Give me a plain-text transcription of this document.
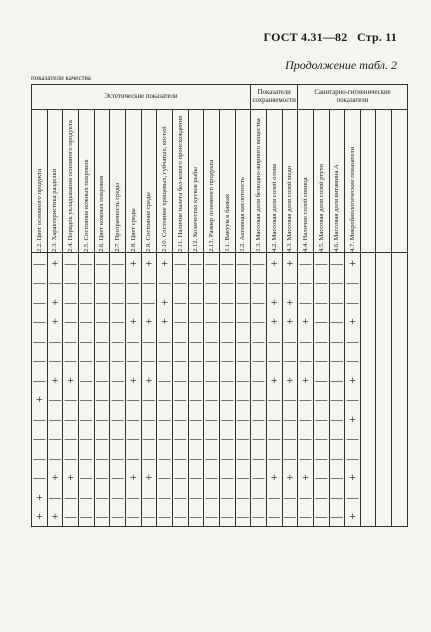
ГОСТ 4.31—82 Стр. 11
Продолжение табл. 2
показатели качества
Эстетические показатели														Показатели сохраняемости			Санитарно-гигиенические показатели						

2.2. Цвет основного продукта	2.3. Характеристика разделки	2.4. Порядок укладывания основного продукта	2.5. Состояние кожных покровов	2.6. Цвет кожных покровов	2.7. Прозрачность среды	2.8. Цвет среды	2.9. Состояние среды	2.10. Состояние хрящевых, губчатых, костей	2.11. Наличие налета бел-кового происхождения	2.12. Количество кусков рыбы	2.13. Размер основного продукта	3.1. Вакуум в банках	3.2. Активная кислотность	3.3. Массовая доля безводно-жирного вещества	4.2. Массовая доля солей олова	4.3. Массовая доля солей меди	4.4. Наличие солей свинца	4.5. Массовая доля солей ртути	4.6. Массовая доля витамина А	4.7. Микробиологические показатели			

—	+	—	—	—	—	+	+	+	—	—	—	—	—	—	+	+	—	—	—	+			
—	—	—	—	—	—	—	—	—	—	—	—	—	—	—	—	—	—	—	—	—			
—	+	—	—	—	—	—	—	+	—	—	—	—	—	—	+	+	—	—	—	—			
—	+	—	—	—	—	+	+	+	—	—	—	—	—	—	+	+	+	—	—	+			
—	—	—	—	—	—	—	—	—	—	—	—	—	—	—	—	—	—	—	—	—			
—	—	—	—	—	—	—	—	—	—	—	—	—	—	—	—	—	—	—	—	—			
—	+	+	—	—	—	+	+	—	—	—	—	—	—	—	+	+	+	—	—	+			
+	—	—	—	—	—	—	—	—	—	—	—	—	—	—	—	—	—	—	—	—			
—	—	—	—	—	—	—	—	—	—	—	—	—	—	—	—	—	—	—	—	+			
—	—	—	—	—	—	—	—	—	—	—	—	—	—	—	—	—	—	—	—	—			
—	—	—	—	—	—	—	—	—	—	—	—	—	—	—	—	—	—	—	—	—			
—	+	+	—	—	—	+	+	—	—	—	—	—	—	—	+	+	+	—	—	+			
+	—	—	—	—	—	—	—	—	—	—	—	—	—	—	—	—	—	—	—	—			
+	+	—	—	—	—	—	—	—	—	—	—	—	—	—	—	—	—	—	—	+			
